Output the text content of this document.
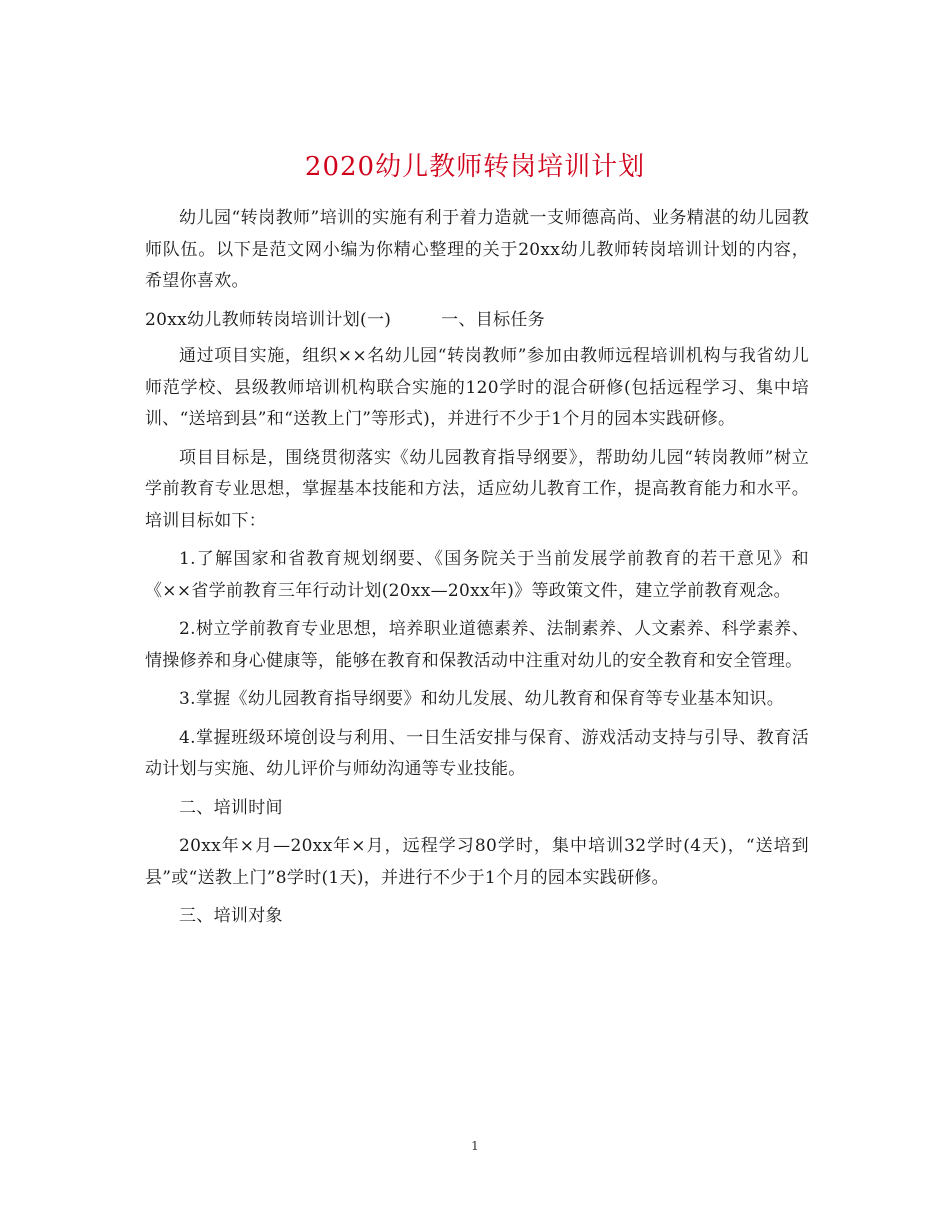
2020幼儿教师转岗培训计划

幼儿园“转岗教师”培训的实施有利于着力造就一支师德高尚、业务精湛的幼儿园教师队伍。以下是范文网小编为你精心整理的关于20xx幼儿教师转岗培训计划的内容，希望你喜欢。

20xx幼儿教师转岗培训计划(一)	一、目标任务

通过项目实施，组织××名幼儿园“转岗教师”参加由教师远程培训机构与我省幼儿师范学校、县级教师培训机构联合实施的120学时的混合研修(包括远程学习、集中培训、“送培到县”和“送教上门”等形式)，并进行不少于1个月的园本实践研修。

项目目标是，围绕贯彻落实《幼儿园教育指导纲要》，帮助幼儿园“转岗教师”树立学前教育专业思想，掌握基本技能和方法，适应幼儿教育工作，提高教育能力和水平。培训目标如下：

1.了解国家和省教育规划纲要、《国务院关于当前发展学前教育的若干意见》和《××省学前教育三年行动计划(20xx—20xx年)》等政策文件，建立学前教育观念。

2.树立学前教育专业思想，培养职业道德素养、法制素养、人文素养、科学素养、情操修养和身心健康等，能够在教育和保教活动中注重对幼儿的安全教育和安全管理。

3.掌握《幼儿园教育指导纲要》和幼儿发展、幼儿教育和保育等专业基本知识。

4.掌握班级环境创设与利用、一日生活安排与保育、游戏活动支持与引导、教育活动计划与实施、幼儿评价与师幼沟通等专业技能。

二、培训时间

20xx年×月—20xx年×月，远程学习80学时，集中培训32学时(4天)，“送培到县”或“送教上门”8学时(1天)，并进行不少于1个月的园本实践研修。

三、培训对象

1
